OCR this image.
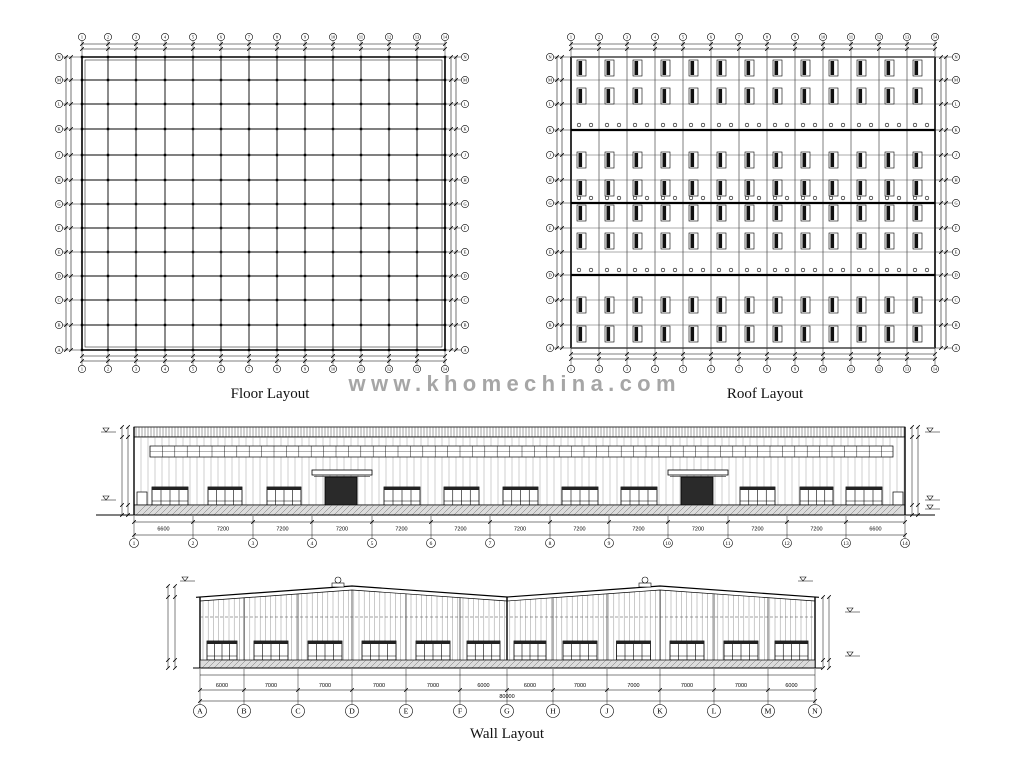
1
1
2
2
3
3
4
4
5
5
6
6
7
7
8
8
9
9
10
10
11
11
12
12
13
13
14
14
N	N
M	M
L	L
K	K
J	J
H	H
G	G
F	F
E	E
D	D
C	C
B	B
A	A
1
1
2
2
3
3
4
4
5
5
6
6
7
7
8
8
9
9
10
10
11
11
12
12
13
13
14
14
N	N
M	M
L	L
K	K
J	J
H	H
G	G
F	F
E	E
D	D
C	C
B	B
A	A
1
6600
2
7200
3
7200
4
7200
5
7200
6
7200
7
7200
8
7200
9
7200
10
7200
11
7200
12
7200
13
6600
14
80000
A
6000
B
7000
C
7000
D
7000
E
7000
F
6000
G
6000
H
7000
J
7000
K
7000
L
7000
M
6000
N
Floor Layout	Roof Layout
www.khomechina.com
Wall Layout
